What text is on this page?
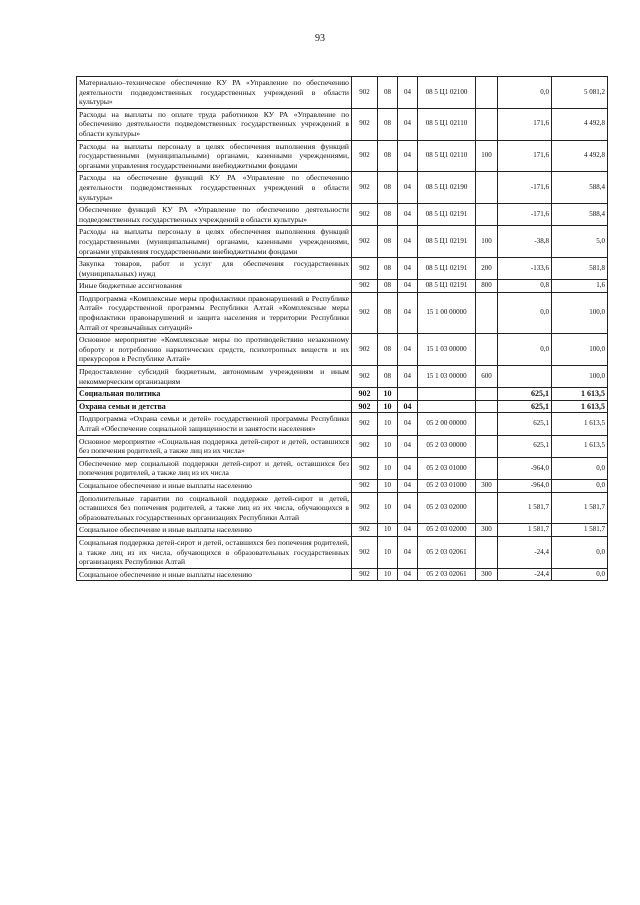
93
Материально–техническое обеспечение КУ РА «Управление по обеспечению деятельности подведомственных государственных учреждений в области культуры»	902	08	04	08 5 Ц1 02100		0,0	5 081,2
Расходы на выплаты по оплате труда работников КУ РА «Управление по обеспечению деятельности подведомственных государственных учреждений в области культуры»	902	08	04	08 5 Ц1 02110		171,6	4 492,8
Расходы на выплаты персоналу в целях обеспечения выполнения функций государственными (муниципальными) органами, казенными учреждениями, органами управления государственными внебюджетными фондами	902	08	04	08 5 Ц1 02110	100	171,6	4 492,8
Расходы на обеспечение функций КУ РА «Управление по обеспечению деятельности подведомственных государственных учреждений в области культуры»	902	08	04	08 5 Ц1 02190		-171,6	588,4
Обеспечение функций КУ РА «Управление по обеспечению деятельности подведомственных государственных учреждений в области культуры»	902	08	04	08 5 Ц1 02191		-171,6	588,4
Расходы на выплаты персоналу в целях обеспечения выполнения функций государственными (муниципальными) органами, казенными учреждениями, органами управления государственными внебюджетными фондами	902	08	04	08 5 Ц1 02191	100	-38,8	5,0
Закупка товаров, работ и услуг для обеспечения государственных (муниципальных) нужд	902	08	04	08 5 Ц1 02191	200	-133,6	581,8
Иные бюджетные ассигнования	902	08	04	08 5 Ц1 02191	800	0,8	1,6
Подпрограмма «Комплексные меры профилактики правонарушений в Республике Алтай» государственной программы Республики Алтай «Комплексные меры профилактики правонарушений и защита населения и территории Республики Алтай от чрезвычайных ситуаций»	902	08	04	15 1 00 00000		0,0	100,0
Основное мероприятие «Комплексные меры по противодействию незаконному обороту и потреблению наркотических средств, психотропных веществ и их прекурсоров в Республике Алтай»	902	08	04	15 1 03 00000		0,0	100,0
Предоставление субсидий бюджетным, автономным учреждениям и иным некоммерческим организациям	902	08	04	15 1 03 00000	600		100,0
Социальная политика	902	10				625,1	1 613,5
Охрана семьи и детства	902	10	04			625,1	1 613,5
Подпрограмма «Охрана семьи и детей» государственной программы Республики Алтай «Обеспечение социальной защищенности и занятости населения»	902	10	04	05 2 00 00000		625,1	1 613,5
Основное мероприятие «Социальная поддержка детей-сирот и детей, оставшихся без попечения родителей, а также лиц из их числа»	902	10	04	05 2 03 00000		625,1	1 613,5
Обеспечение мер социальной поддержки детей-сирот и детей, оставшихся без попечения родителей, а также лиц из их числа	902	10	04	05 2 03 01000		-964,0	0,0
Социальное обеспечение и иные выплаты населению	902	10	04	05 2 03 01000	300	-964,0	0,0
Дополнительные гарантии по социальной поддержке детей-сирот и детей, оставшихся без попечения родителей, а также лиц из их числа, обучающихся в образовательных государственных организациях Республики Алтай	902	10	04	05 2 03 02000		1 581,7	1 581,7
Социальное обеспечение и иные выплаты населению	902	10	04	05 2 03 02000	300	1 581,7	1 581,7
Социальная поддержка детей-сирот и детей, оставшихся без попечения родителей, а также лиц из их числа, обучающихся в образовательных государственных организациях Республики Алтай	902	10	04	05 2 03 02061		-24,4	0,0
Социальное обеспечение и иные выплаты населению	902	10	04	05 2 03 02061	300	-24,4	0,0
